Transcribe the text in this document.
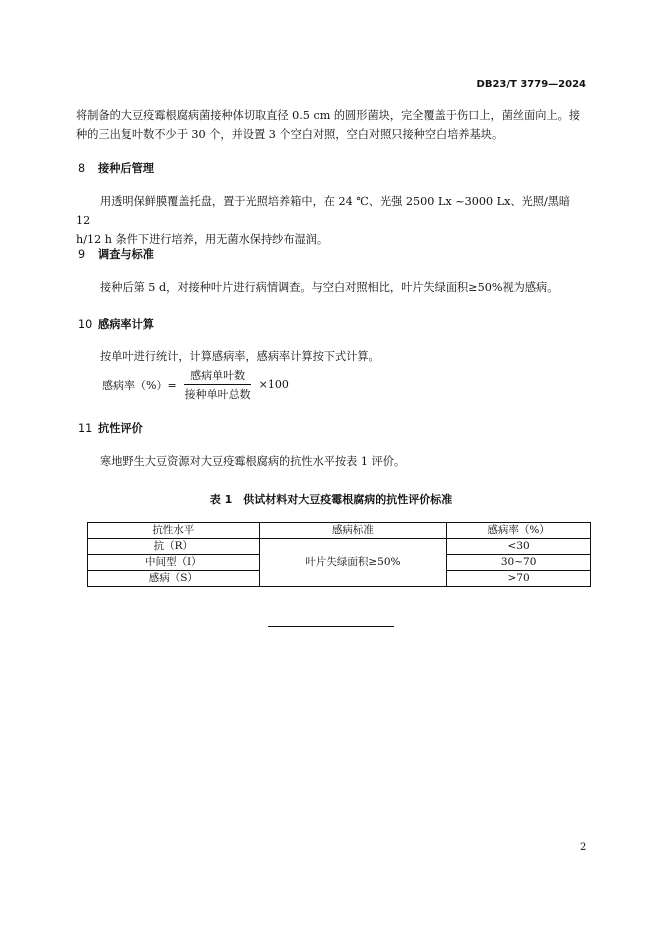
DB23/T 3779—2024
将制备的大豆疫霉根腐病菌接种体切取直径 0.5 cm 的圆形菌块，完全覆盖于伤口上，菌丝面向上。接
种的三出复叶数不少于 30 个，并设置 3 个空白对照，空白对照只接种空白培养基块。
8 接种后管理
用透明保鲜膜覆盖托盘，置于光照培养箱中，在 24 ℃、光强 2500 Lx ~3000 Lx、光照/黑暗 12
h/12 h 条件下进行培养，用无菌水保持纱布湿润。
9 调查与标准
接种后第 5 d，对接种叶片进行病情调查。与空白对照相比，叶片失绿面积≥50%视为感病。
10 感病率计算
按单叶进行统计，计算感病率，感病率计算按下式计算。
感病率（%）= $\frac{\text{感病单叶数}}{\text{接种单叶总数}} \times 100$
11 抗性评价
寒地野生大豆资源对大豆疫霉根腐病的抗性水平按表 1 评价。
表 1　供试材料对大豆疫霉根腐病的抗性评价标准
抗性水平	感病标准	感病率（%）
抗（R）	叶片失绿面积≥50%	<30
中间型（I）		30~70
感病（S）		>70
2
